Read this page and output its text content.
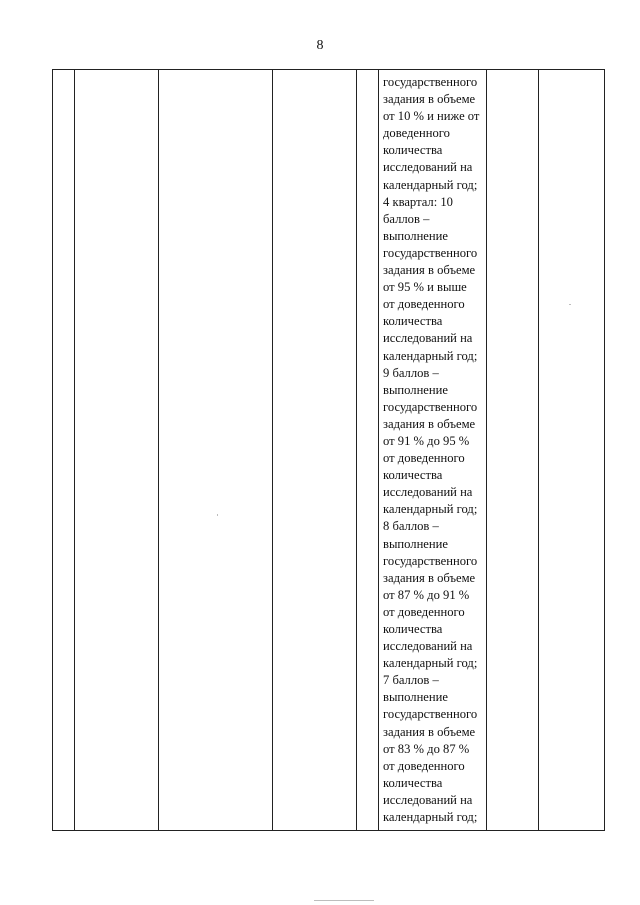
8

государственного
задания в объеме
от 10 % и ниже от
доведенного
количества
исследований на
календарный год;
4 квартал: 10
баллов –
выполнение
государственного
задания в объеме
от 95 % и выше
от доведенного
количества
исследований на
календарный год;
9 баллов –
выполнение
государственного
задания в объеме
от 91 % до 95 %
от доведенного
количества
исследований на
календарный год;
8 баллов –
выполнение
государственного
задания в объеме
от 87 % до 91 %
от доведенного
количества
исследований на
календарный год;
7 баллов –
выполнение
государственного
задания в объеме
от 83 % до 87 %
от доведенного
количества
исследований на
календарный год;
